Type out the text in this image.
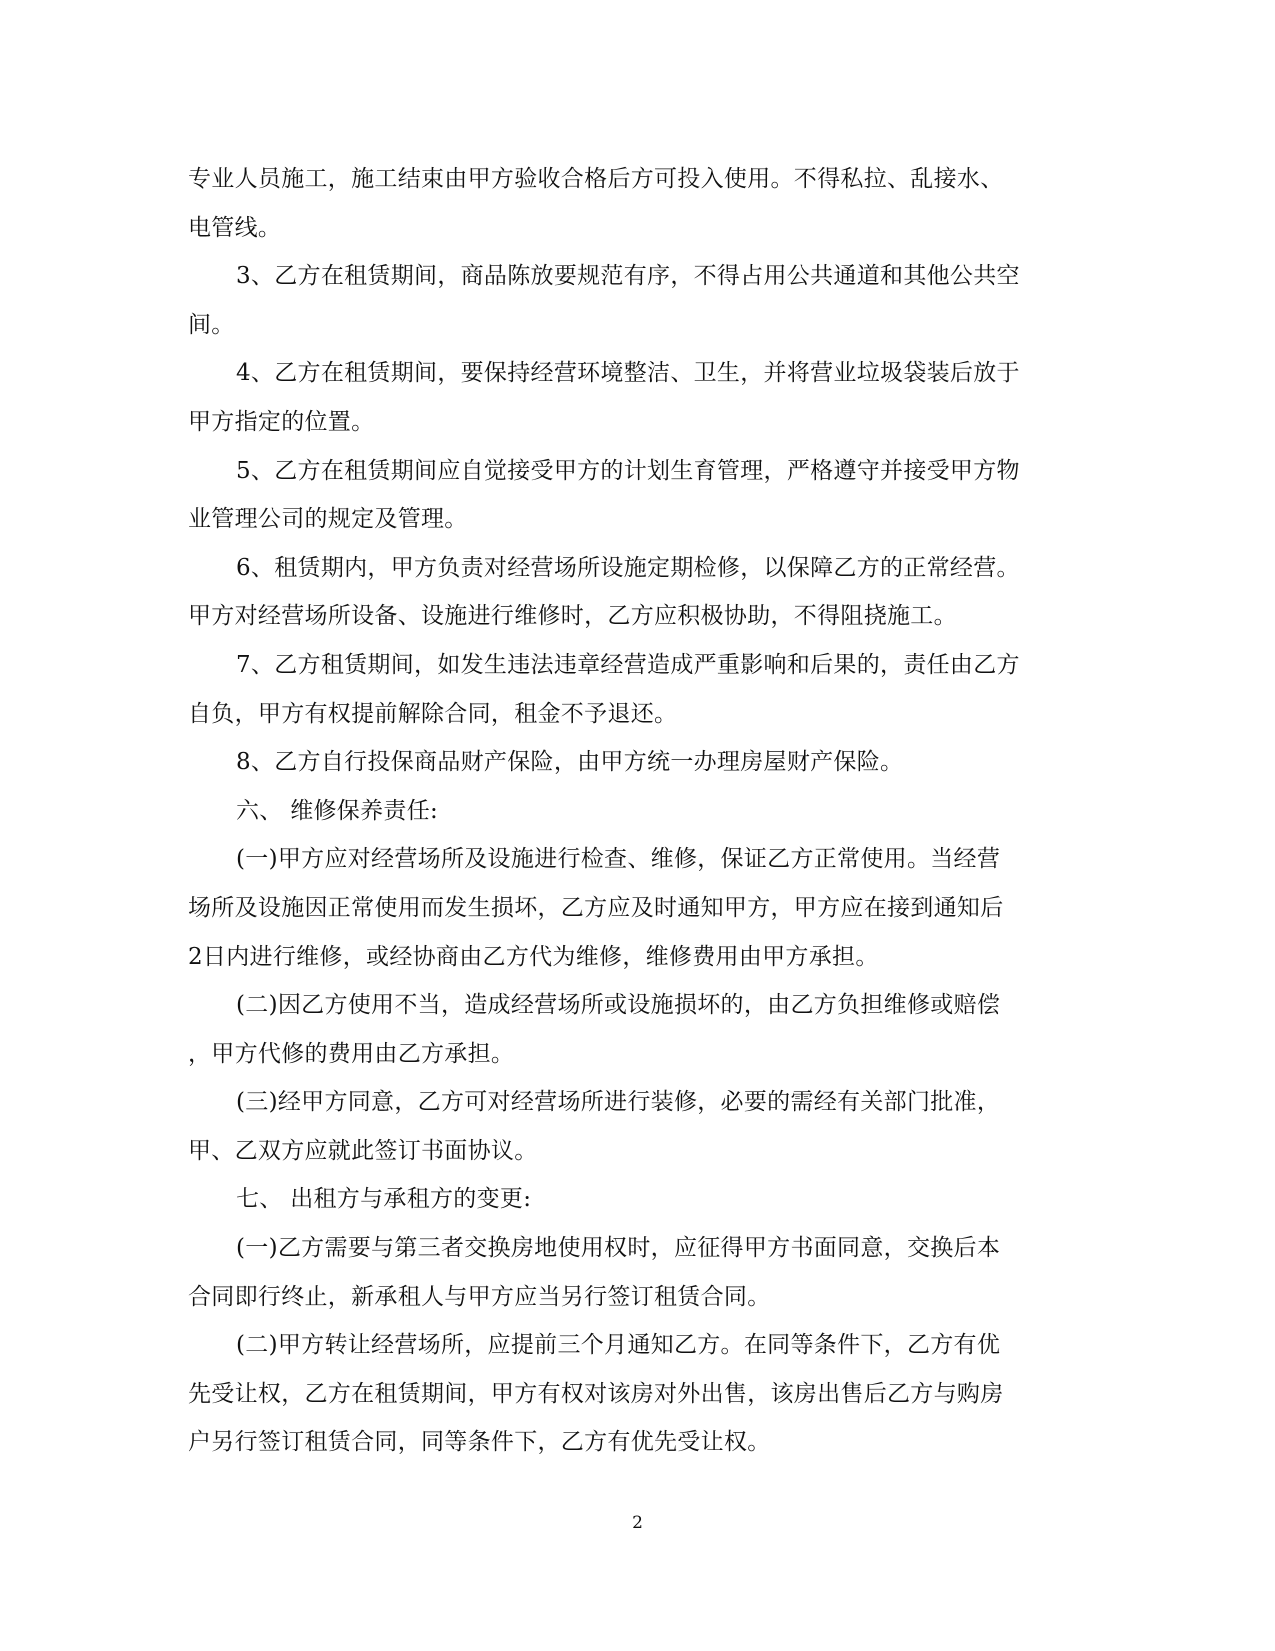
专业人员施工，施工结束由甲方验收合格后方可投入使用。不得私拉、乱接水、
电管线。
3、乙方在租赁期间，商品陈放要规范有序，不得占用公共通道和其他公共空
间。
4、乙方在租赁期间，要保持经营环境整洁、卫生，并将营业垃圾袋装后放于
甲方指定的位置。
5、乙方在租赁期间应自觉接受甲方的计划生育管理，严格遵守并接受甲方物
业管理公司的规定及管理。
6、租赁期内，甲方负责对经营场所设施定期检修，以保障乙方的正常经营。
甲方对经营场所设备、设施进行维修时，乙方应积极协助，不得阻挠施工。
7、乙方租赁期间，如发生违法违章经营造成严重影响和后果的，责任由乙方
自负，甲方有权提前解除合同，租金不予退还。
8、乙方自行投保商品财产保险，由甲方统一办理房屋财产保险。
六、 维修保养责任:
(一)甲方应对经营场所及设施进行检查、维修，保证乙方正常使用。当经营
场所及设施因正常使用而发生损坏，乙方应及时通知甲方，甲方应在接到通知后
2日内进行维修，或经协商由乙方代为维修，维修费用由甲方承担。
(二)因乙方使用不当，造成经营场所或设施损坏的，由乙方负担维修或赔偿
，甲方代修的费用由乙方承担。
(三)经甲方同意，乙方可对经营场所进行装修，必要的需经有关部门批准，
甲、乙双方应就此签订书面协议。
七、 出租方与承租方的变更:
(一)乙方需要与第三者交换房地使用权时，应征得甲方书面同意，交换后本
合同即行终止，新承租人与甲方应当另行签订租赁合同。
(二)甲方转让经营场所，应提前三个月通知乙方。在同等条件下，乙方有优
先受让权，乙方在租赁期间，甲方有权对该房对外出售，该房出售后乙方与购房
户另行签订租赁合同，同等条件下，乙方有优先受让权。
2
